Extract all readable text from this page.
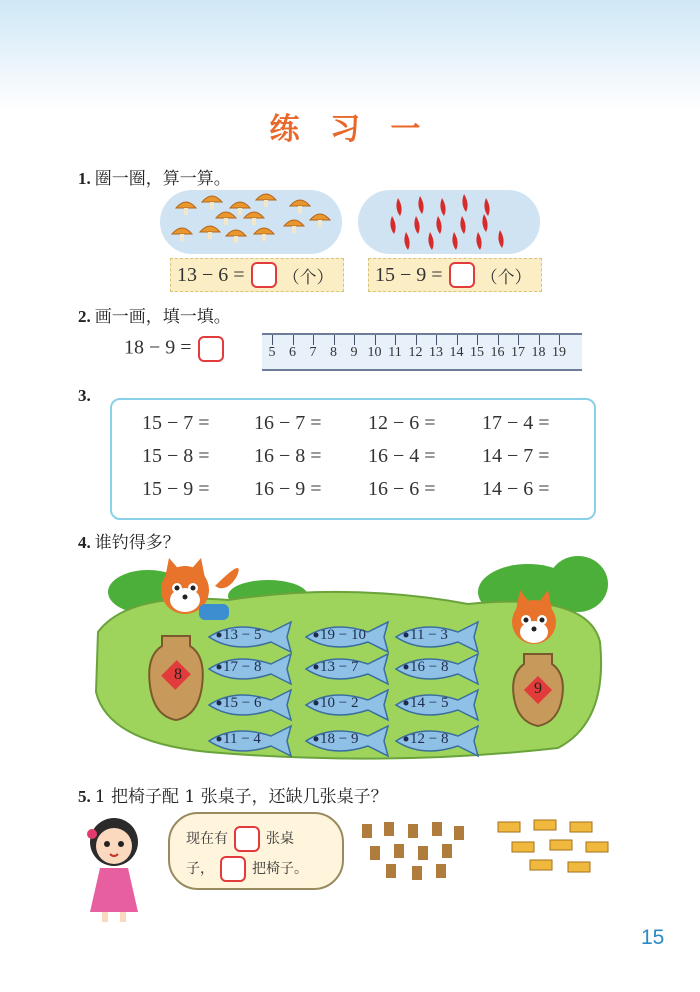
练 习 一
1. 圈一圈，算一算。
13 − 6 = （个） 15 − 9 = （个）
2. 画一画，填一填。
18 − 9 =	5 6 7 8 9 10 11 12 13 14 15 16 17 18 19
3.
15 − 7 =	16 − 7 =	12 − 6 =	17 − 4 =
15 − 8 =	16 − 8 =	16 − 4 =	14 − 7 =
15 − 9 =	16 − 9 =	16 − 6 =	14 − 6 =
4. 谁钓得多？
8
9
13 − 5	19 − 10	11 − 3
17 − 8	13 − 7	16 − 8
15 − 6	10 − 2	14 − 5
11 − 4	18 − 9	12 − 8
5. 1 把椅子配 1 张桌子，还缺几张桌子？
现在有	张桌
子，	把椅子。
15
